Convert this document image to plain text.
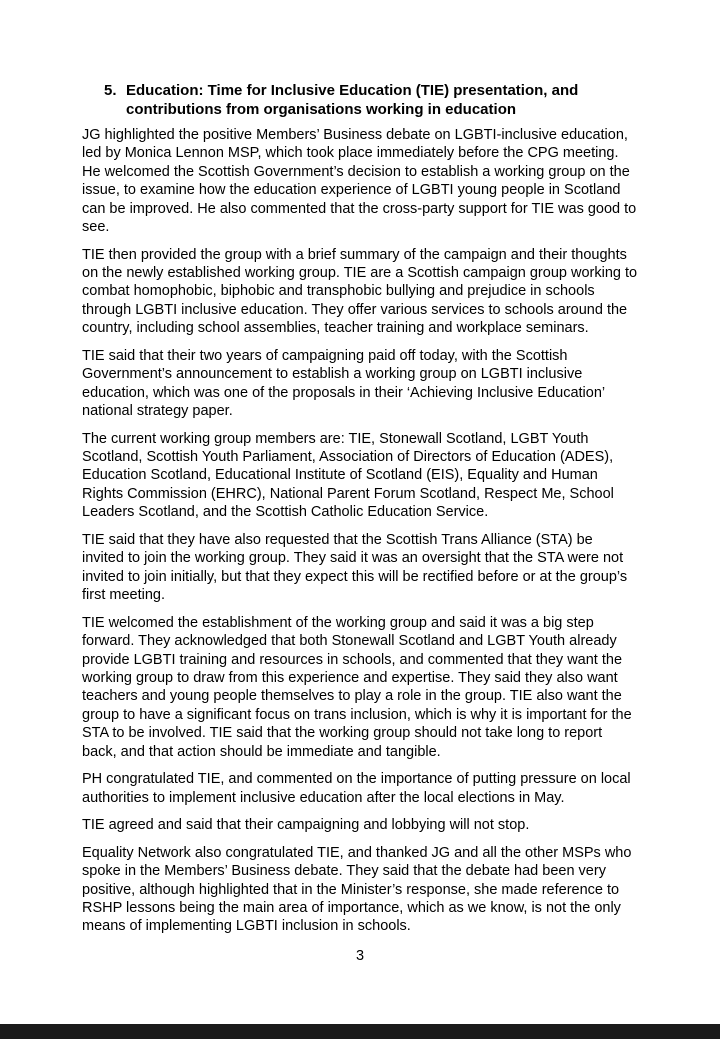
5. Education: Time for Inclusive Education (TIE) presentation, and contributions from organisations working in education

JG highlighted the positive Members’ Business debate on LGBTI-inclusive education, led by Monica Lennon MSP, which took place immediately before the CPG meeting. He welcomed the Scottish Government’s decision to establish a working group on the issue, to examine how the education experience of LGBTI young people in Scotland can be improved. He also commented that the cross-party support for TIE was good to see.

TIE then provided the group with a brief summary of the campaign and their thoughts on the newly established working group. TIE are a Scottish campaign group working to combat homophobic, biphobic and transphobic bullying and prejudice in schools through LGBTI inclusive education. They offer various services to schools around the country, including school assemblies, teacher training and workplace seminars.

TIE said that their two years of campaigning paid off today, with the Scottish Government’s announcement to establish a working group on LGBTI inclusive education, which was one of the proposals in their ‘Achieving Inclusive Education’ national strategy paper.

The current working group members are: TIE, Stonewall Scotland, LGBT Youth Scotland, Scottish Youth Parliament, Association of Directors of Education (ADES), Education Scotland, Educational Institute of Scotland (EIS), Equality and Human Rights Commission (EHRC), National Parent Forum Scotland, Respect Me, School Leaders Scotland, and the Scottish Catholic Education Service.

TIE said that they have also requested that the Scottish Trans Alliance (STA) be invited to join the working group. They said it was an oversight that the STA were not invited to join initially, but that they expect this will be rectified before or at the group’s first meeting.

TIE welcomed the establishment of the working group and said it was a big step forward. They acknowledged that both Stonewall Scotland and LGBT Youth already provide LGBTI training and resources in schools, and commented that they want the working group to draw from this experience and expertise. They said they also want teachers and young people themselves to play a role in the group. TIE also want the group to have a significant focus on trans inclusion, which is why it is important for the STA to be involved. TIE said that the working group should not take long to report back, and that action should be immediate and tangible.

PH congratulated TIE, and commented on the importance of putting pressure on local authorities to implement inclusive education after the local elections in May.

TIE agreed and said that their campaigning and lobbying will not stop.

Equality Network also congratulated TIE, and thanked JG and all the other MSPs who spoke in the Members’ Business debate. They said that the debate had been very positive, although highlighted that in the Minister’s response, she made reference to RSHP lessons being the main area of importance, which as we know, is not the only means of implementing LGBTI inclusion in schools.

3
